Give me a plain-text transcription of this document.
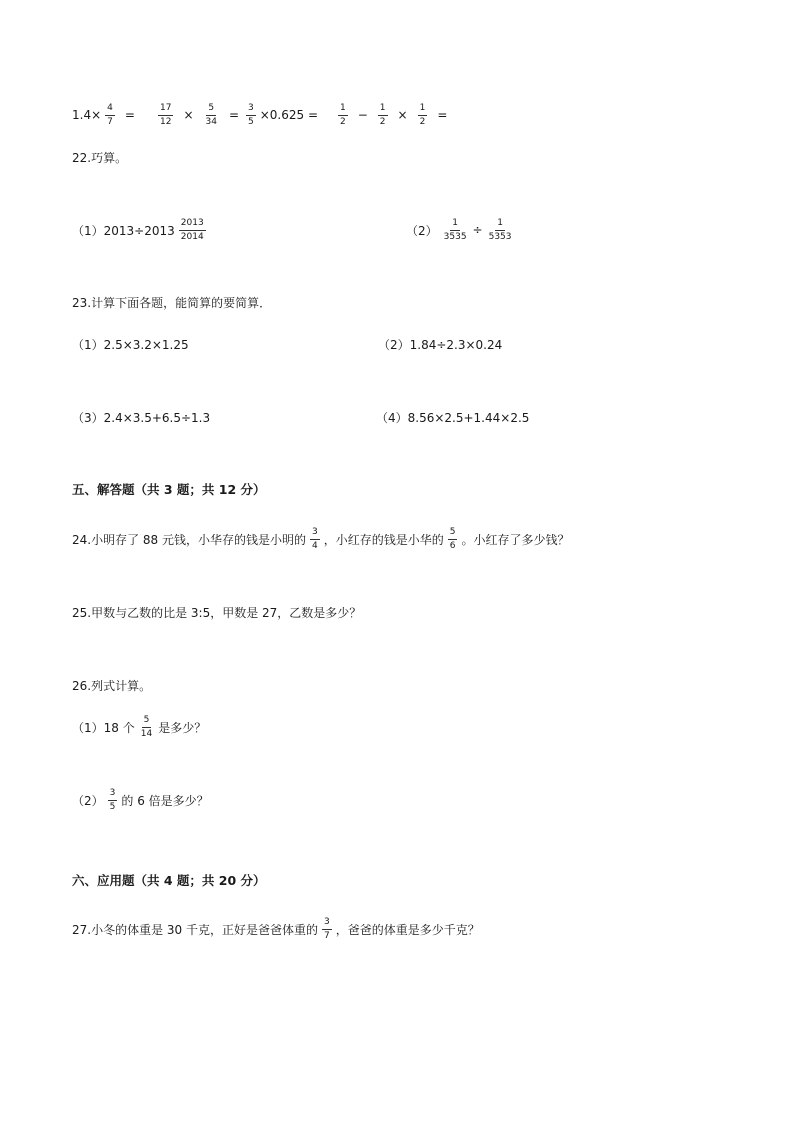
$1.4\times \frac{4}{7}$ =	$\frac{17}{12} \times \frac{5}{34} = \frac{3}{5} \times 0.625 = \frac{1}{2} - \frac{1}{2} \times \frac{1}{2}$ =
22.巧算。
$(1)2013\div 2013 \frac{2013}{2014}$	$(2) \frac{1}{3535} \div \frac{1}{5353}$
23.计算下面各题，能简算的要简算．
（1）2.5×3.2×1.25	（2）1.84÷2.3×0.24
（3）2.4×3.5+6.5÷1.3	（4）8.56×2.5+1.44×2.5
五、解答题（共 3 题；共 12 分）
24.小明存了 88 元钱，小华存的钱是小明的 $\frac{3}{4}$ ，小红存的钱是小华的 $\frac{5}{6}$ 。小红存了多少钱？
25.甲数与乙数的比是 3:5，甲数是 27，乙数是多少？
26.列式计算。
（1）18 个 $\frac{5}{14}$ 是多少？
$(2) \frac{3}{5}$ 的 6 倍是多少？
六、应用题（共 4 题；共 20 分）
27.小冬的体重是 30 千克，正好是爸爸体重的 $\frac{3}{7}$ ，爸爸的体重是多少千克？
